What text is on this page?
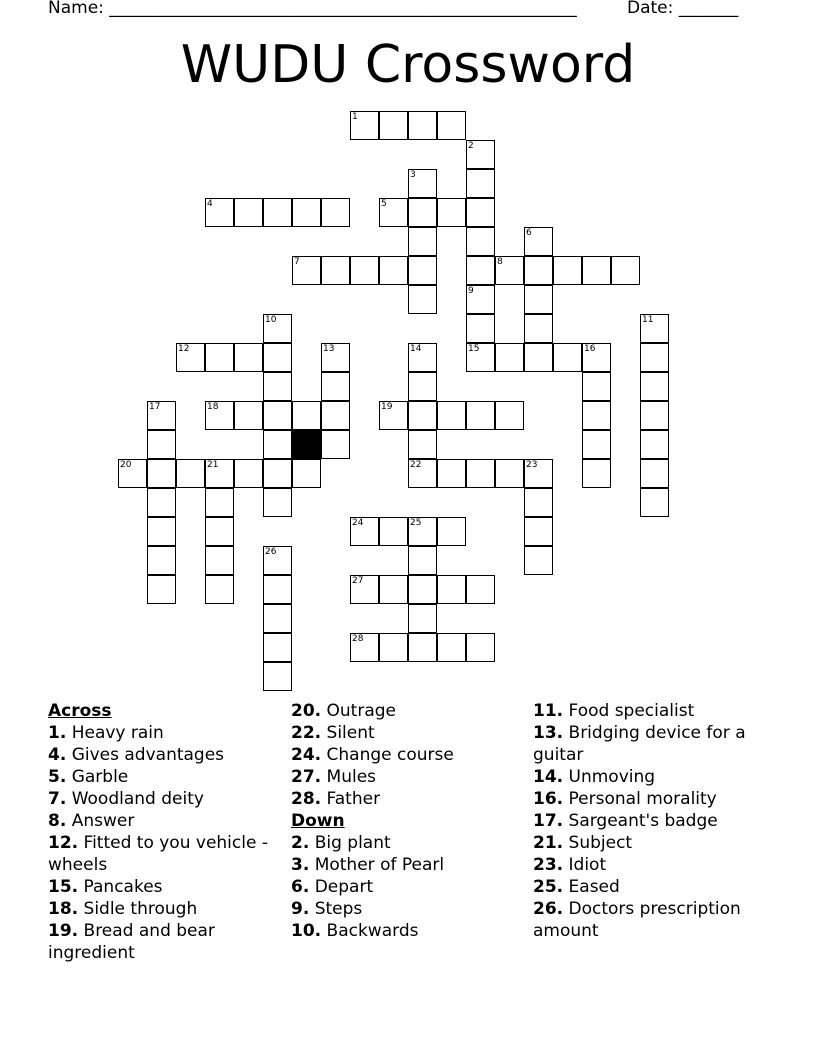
Name: _______________________________________________________	Date: _______
WUDU Crossword
1
4	5
7	8
12	15
18	19
20	21	22	23
24	25
27
28
2
9
3
6
10	11
13	14	16
17
26
Across
1. Heavy rain
4. Gives advantages
5. Garble
7. Woodland deity
8. Answer
12. Fitted to you vehicle - wheels
15. Pancakes
18. Sidle through
19. Bread and bear ingredient
20. Outrage
22. Silent
24. Change course
27. Mules
28. Father
Down
2. Big plant
3. Mother of Pearl
6. Depart
9. Steps
10. Backwards
11. Food specialist
13. Bridging device for a guitar
14. Unmoving
16. Personal morality
17. Sargeant's badge
21. Subject
23. Idiot
25. Eased
26. Doctors prescription amount
